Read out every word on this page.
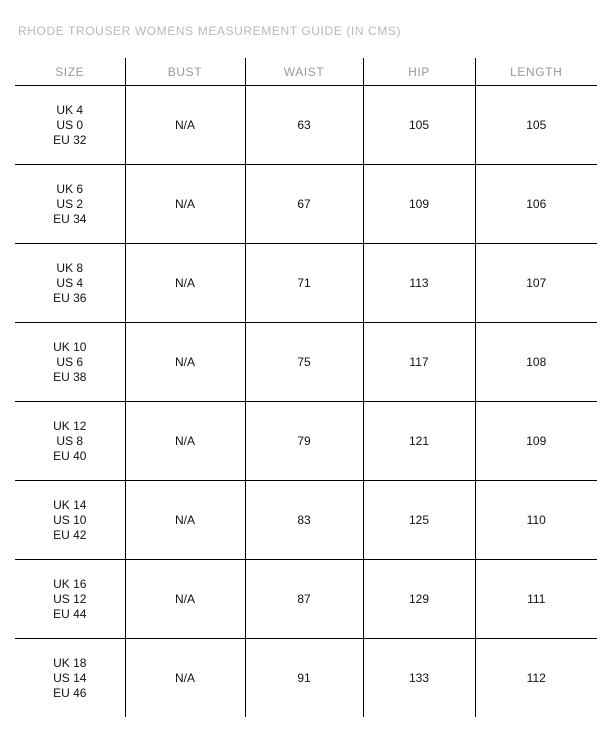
RHODE TROUSER WOMENS MEASUREMENT GUIDE (IN CMS)
SIZE	BUST	WAIST	HIP	LENGTH

UK 4
US 0
EU 32	N/A	63	105	105

UK 6
US 2
EU 34	N/A	67	109	106

UK 8
US 4
EU 36	N/A	71	113	107

UK 10
US 6
EU 38	N/A	75	117	108

UK 12
US 8
EU 40	N/A	79	121	109

UK 14
US 10
EU 42	N/A	83	125	110

UK 16
US 12
EU 44	N/A	87	129	111

UK 18
US 14
EU 46	N/A	91	133	112
